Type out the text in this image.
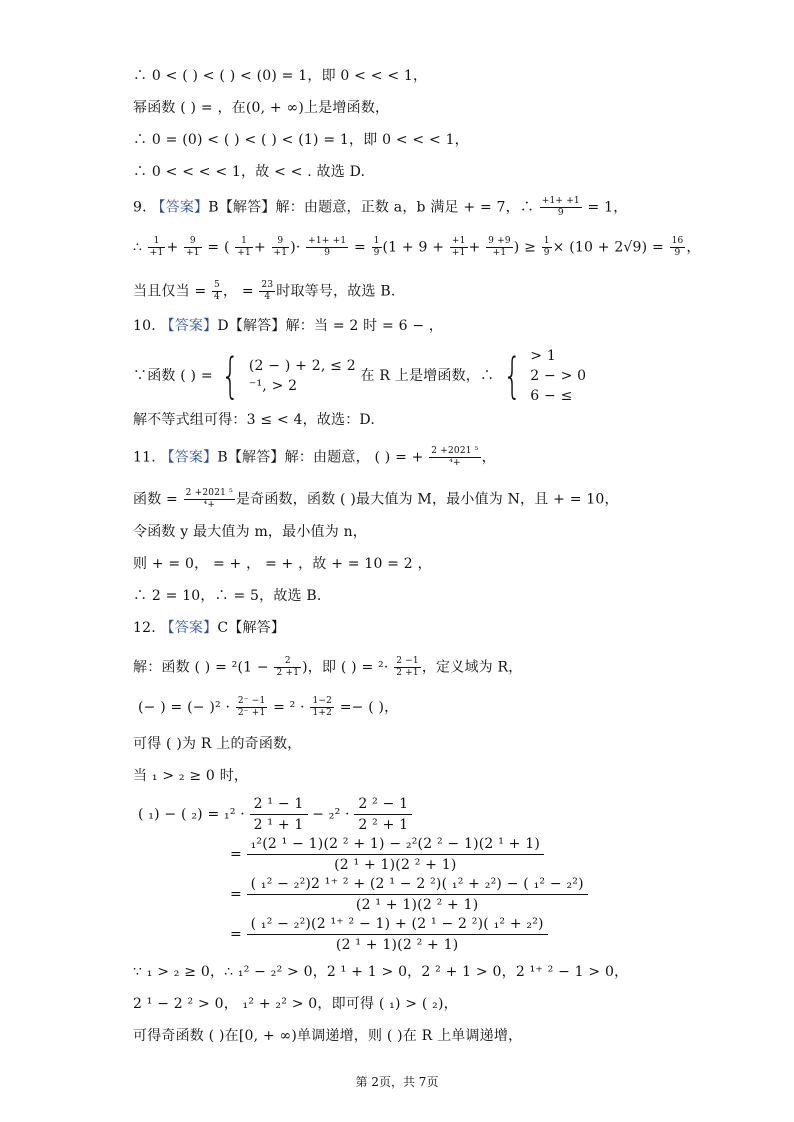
∴ 0 < ( ) < ( ) < (0) = 1，即 0 < < < 1，
幂函数 ( ) = ，在(0, + ∞)上是增函数，
∴ 0 = (0) < ( ) < ( ) < (1) = 1，即 0 < < < 1，
∴ 0 < < < < 1，故 < < . 故选 D.
9. 【答案】B【解答】解：由题意，正数 a，b 满足 + = 7，∴ $\frac{+1+ +1}{9} = 1$，
∴ $\frac{1}{+1} + \frac{9}{+1}$ = ( $\frac{1}{+1} + \frac{9}{+1}$ )· $\frac{+1+ +1}{9} = \frac{1}{9} (1 + 9 + \frac{+1}{+1} + \frac{9 +9}{+1}$ ) ≥ $\frac{1}{9} \times (10 + 2√9) = \frac{16}{9}$ ，
当且仅当 = $\frac{5}{4}$ ， = $\frac{23}{4}$ 时取等号，故选 B.
10. 【答案】D【解答】解：当 = 2 时 = 6 − ，
∵函数 ( ) = { (2 − ) + 2, ≤ 2
⁻¹, > 2
在 R 上是增函数，∴ { > 1
2 − > 0
6 − ≤
解不等式组可得：3 ≤ < 4，故选：D.
11. 【答案】B【解答】解：由题意， ( ) = + $\frac{\text{2 +2021 ⁵}}{\text{⁴+}}$ ，
函数 = $\frac{\text{2 +2021 ⁵}}{\text{⁴+}}$ 是奇函数，函数 ( )最大值为 M，最小值为 N，且 + = 10，
令函数 y 最大值为 m，最小值为 n，
则 + = 0， = + ， = + ，故 + = 10 = 2 ，
∴ 2 = 10，∴ = 5，故选 B.
12. 【答案】C【解答】
解：函数 ( ) = $^2(1 - \frac{2}{2 +1}$ )，即 ( ) = $^2\cdot \frac{2 -1}{2 +1}$ ，定义域为 R，
(− ) = (− )$^2 \cdot \frac{2^- -1}{2^- +1} = ^2 \cdot \frac{1-2}{1+2}$ =− ( )，
可得 ( )为 R 上的奇函数，
当 ₁ > ₂ ≥ 0 时，
( ₁) − ( $_2) = _1^2 \cdot \frac{\text{2 ¹ − 1}}{\text{2 ¹ + 1}} - _2^2 \cdot \frac{\text{2 ² − 1}}{\text{2 ² + 1}}$
= $\frac{\text{₁²(2 ¹ − 1)(2 ² + 1) − ₂²(2 ² − 1)(2 ¹ + 1)}}{\text{(2 ¹ + 1)(2 ² + 1)}}$
=
( ₁² − ₂²)2 ¹⁺ ² + (2 ¹ − 2 ²)( ₁² + ₂²) − ( ₁² − ₂²)
(2 ¹ + 1)(2 ² + 1)
= $\frac{\text{( ₁² − ₂²)(2 ¹⁺ ² − 1) + (2 ¹ − 2 ²)( ₁² + ₂²)}}{\text{(2 ¹ + 1)(2 ² + 1)}}$
∵ ₁ > ₂ ≥ 0，∴ ₁² − ₂² > 0，2 ¹ + 1 > 0，2 ² + 1 > 0，2 ¹⁺ ² − 1 > 0，
2 ¹ − 2 ² > 0， ₁² + ₂² > 0，即可得 ( ₁) > ( ₂)，
可得奇函数 ( )在[0, + ∞)单调递增，则 ( )在 R 上单调递增，
第 2页，共 7页
